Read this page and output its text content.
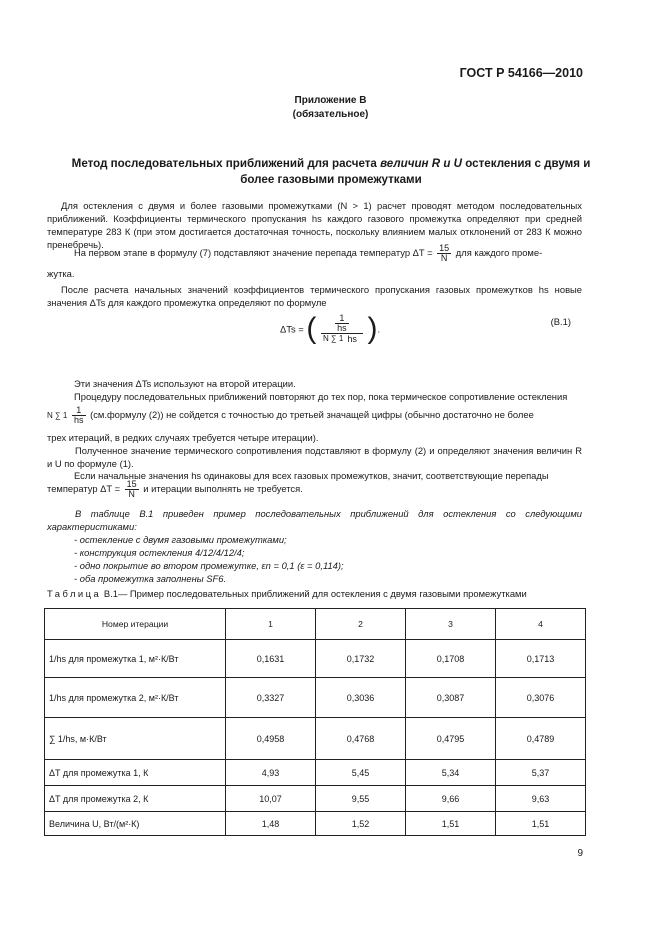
ГОСТ Р 54166—2010
Приложение В
(обязательное)
Метод последовательных приближений для расчета величин R и U остекления с двумя и более газовыми промежутками
Для остекления с двумя и более газовыми промежутками (N > 1) расчет проводят методом последовательных приближений. Коэффициенты термического пропускания hs каждого газового промежутка определяют при средней температуре 283 К (при этом достигается достаточная точность, поскольку влиянием малых отклонений от 283 К можно пренебречь).
На первом этапе в формулу (7) подставляют значение перепада температур $\Delta T = \frac{15}{N}$ для каждого проме-
жутка.
После расчета начальных значений коэффициентов термического пропускания газовых промежутков hs новые значения ΔTs для каждого промежутка определяют по формуле
ΔTs = ( $\frac{\frac{1}{hs}}{N \sum 1 hs}$ ).
(В.1)
Эти значения ΔTs используют на второй итерации.
Процедуру последовательных приближений повторяют до тех пор, пока термическое сопротивление остекления
N ∑ $1 \frac{1}{hs}$ (см.формулу (2)) не сойдется с точностью до третьей значащей цифры (обычно достаточно не более
трех итераций, в редких случаях требуется четыре итерации).
Полученное значение термического сопротивления подставляют в формулу (2) и определяют значения величин R и U по формуле (1).
Если начальные значения hs одинаковы для всех газовых промежутков, значит, соответствующие перепады
температур $\Delta T = \frac{15}{N}$ и итерации выполнять не требуется.
В таблице В.1 приведен пример последовательных приближений для остекления со следующими характеристиками:
- остекление с двумя газовыми промежутками;
- конструкция остекления 4/12/4/12/4;
- одно покрытие во втором промежутке, εn = 0,1 (ε = 0,114);
- оба промежутка заполнены SF6.
Таблица В.1— Пример последовательных приближений для остекления с двумя газовыми промежутками
Номер итерации	1	2	3	4
1/hs для промежутка 1, м²·К/Вт	0,1631	0,1732	0,1708	0,1713
1/hs для промежутка 2, м²·К/Вт	0,3327	0,3036	0,3087	0,3076
∑ 1/hs, м·К/Вт	0,4958	0,4768	0,4795	0,4789
ΔT для промежутка 1, К	4,93	5,45	5,34	5,37
ΔT для промежутка 2, К	10,07	9,55	9,66	9,63
Величина U, Вт/(м²·К)	1,48	1,52	1,51	1,51
9
